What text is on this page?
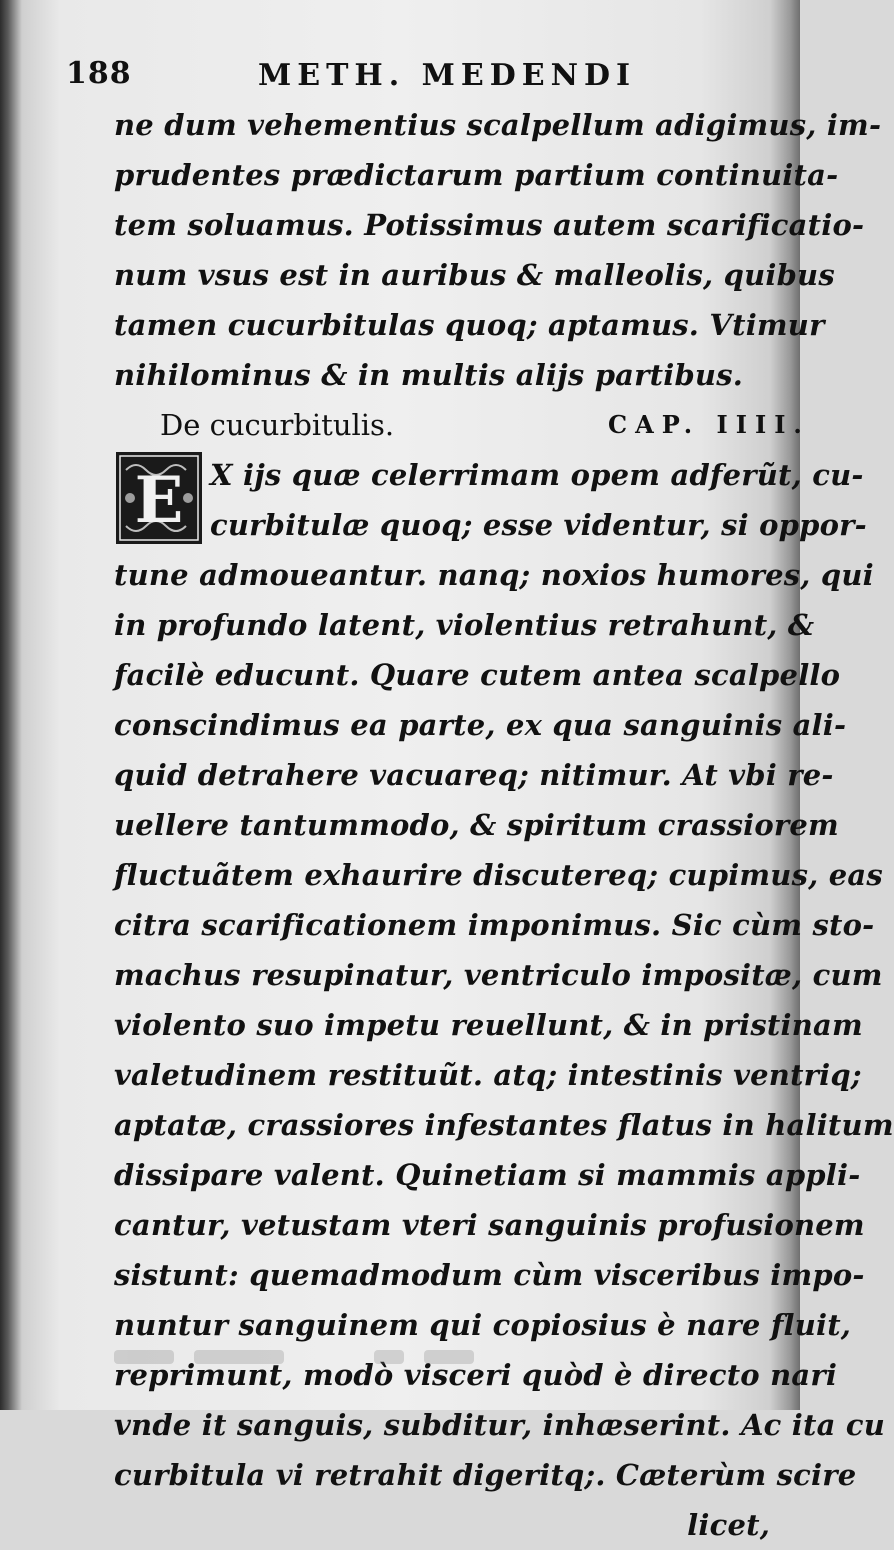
188	METH. MEDENDI
ne dum vehementius scalpellum adigimus, im-
prudentes prædictarum partium continuita-
tem soluamus. Potissimus autem scarificatio-
num vsus est in auribus & malleolis, quibus
tamen cucurbitulas quoq; aptamus. Vtimur
nihilominus & in multis alijs partibus.
De cucurbitulis.	CAP. IIII.
E X ijs quæ celerrimam opem adferũt, cu-
curbitulæ quoq; esse videntur, si oppor-
tune admoueantur. nanq; noxios humores, qui
in profundo latent, violentius retrahunt, &
facilè educunt. Quare cutem antea scalpello
conscindimus ea parte, ex qua sanguinis ali-
quid detrahere vacuareq; nitimur. At vbi re-
uellere tantummodo, & spiritum crassiorem
fluctuãtem exhaurire discutereq; cupimus, eas
citra scarificationem imponimus. Sic cùm sto-
machus resupinatur, ventriculo impositæ, cum
violento suo impetu reuellunt, & in pristinam
valetudinem restituũt. atq; intestinis ventriq;
aptatæ, crassiores infestantes flatus in halitum
dissipare valent. Quinetiam si mammis appli-
cantur, vetustam vteri sanguinis profusionem
sistunt: quemadmodum cùm visceribus impo-
nuntur sanguinem qui copiosius è nare fluit,
reprimunt, modò visceri quòd è directo nari
vnde it sanguis, subditur, inhæserint. Ac ita cu
curbitula vi retrahit digeritq;. Cæterùm scire
licet,
